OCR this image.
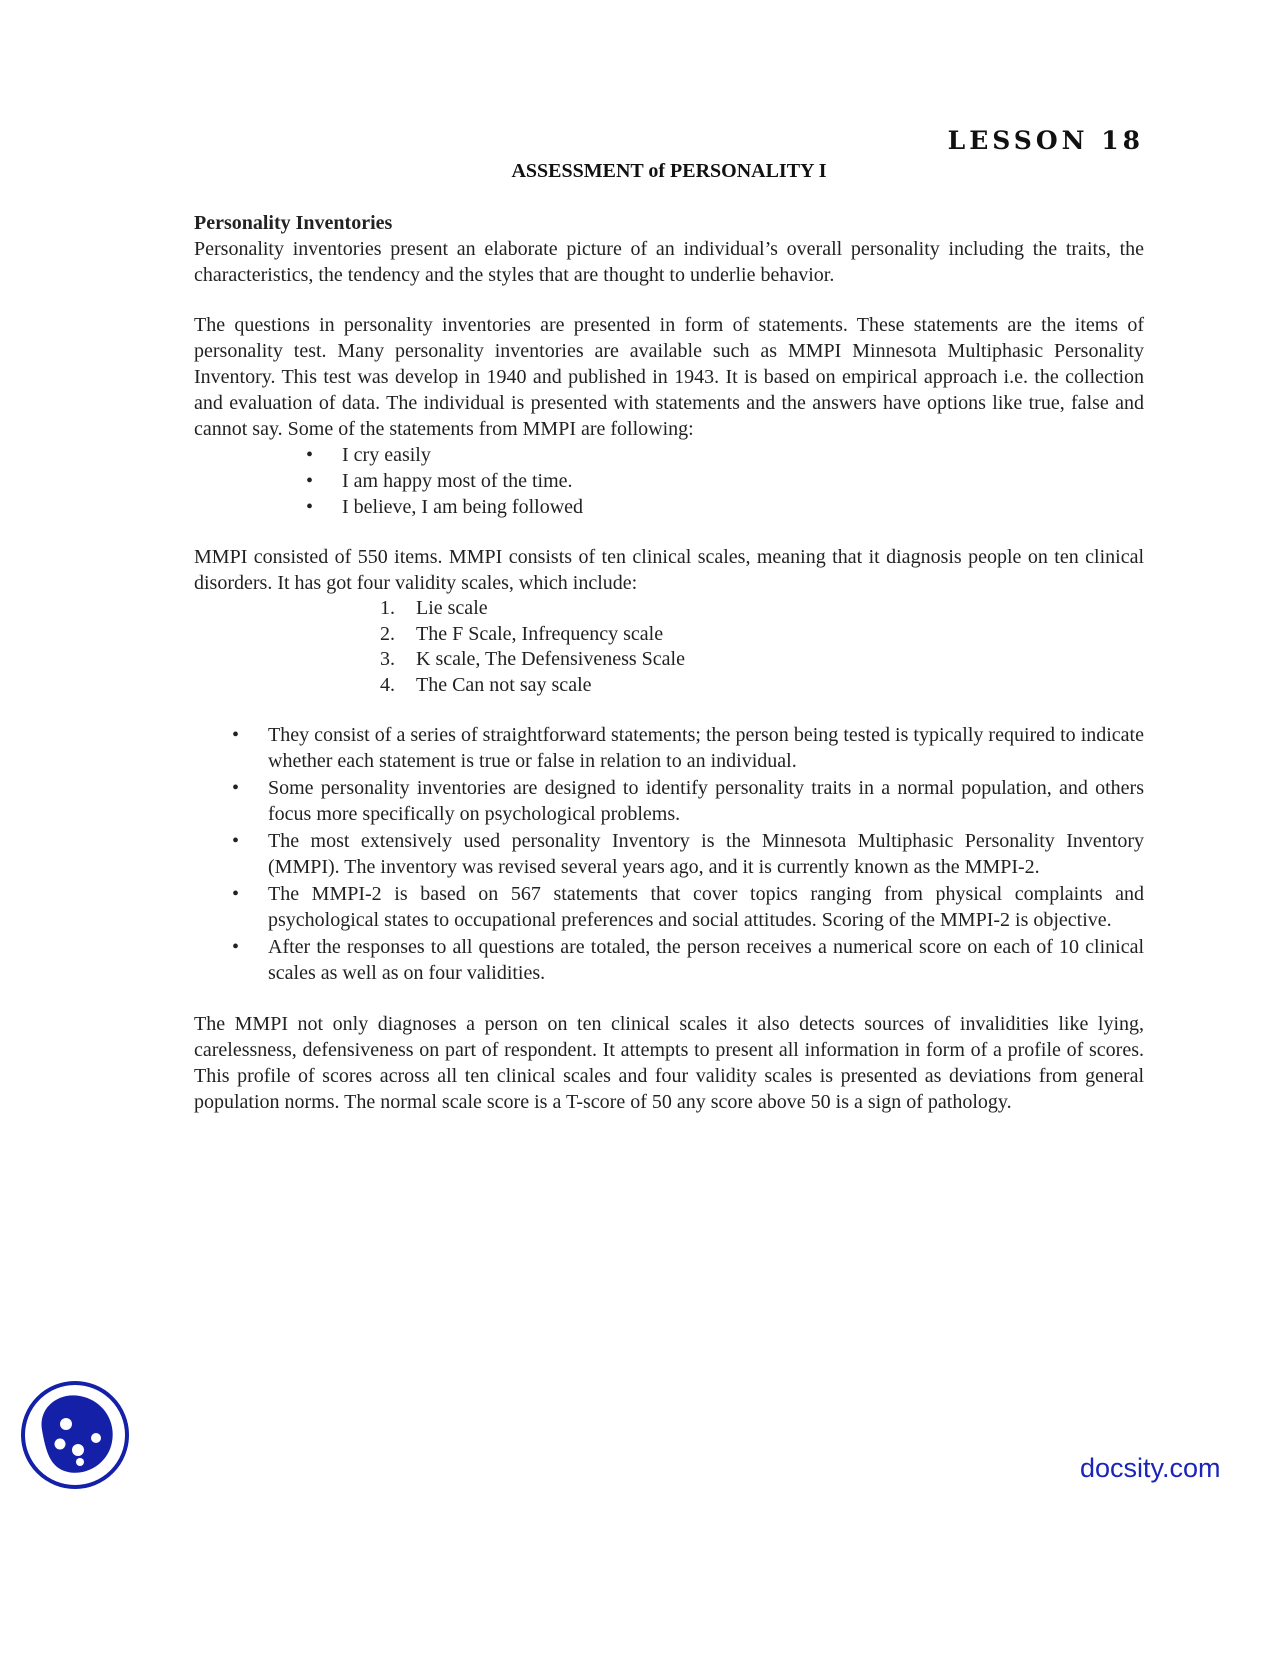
LESSON 18
ASSESSMENT of PERSONALITY I
Personality Inventories

Personality inventories present an elaborate picture of an individual’s overall personality including the traits, the characteristics, the tendency and the styles that are thought to underlie behavior.

The questions in personality inventories are presented in form of statements. These statements are the items of personality test. Many personality inventories are available such as MMPI Minnesota Multiphasic Personality Inventory. This test was develop in 1940 and published in 1943. It is based on empirical approach i.e. the collection and evaluation of data. The individual is presented with statements and the answers have options like true, false and cannot say. Some of the statements from MMPI are following:

• I cry easily
• I am happy most of the time.
• I believe, I am being followed

MMPI consisted of 550 items. MMPI consists of ten clinical scales, meaning that it diagnosis people on ten clinical disorders. It has got four validity scales, which include:

1. Lie scale
2. The F Scale, Infrequency scale
3. K scale, The Defensiveness Scale
4. The Can not say scale
• They consist of a series of straightforward statements; the person being tested is typically required to indicate whether each statement is true or false in relation to an individual.
• Some personality inventories are designed to identify personality traits in a normal population, and others focus more specifically on psychological problems.
• The most extensively used personality Inventory is the Minnesota Multiphasic Personality Inventory (MMPI). The inventory was revised several years ago, and it is currently known as the MMPI-2.
• The MMPI-2 is based on 567 statements that cover topics ranging from physical complaints and psychological states to occupational preferences and social attitudes. Scoring of the MMPI-2 is objective.
• After the responses to all questions are totaled, the person receives a numerical score on each of 10 clinical scales as well as on four validities.

The MMPI not only diagnoses a person on ten clinical scales it also detects sources of invalidities like lying, carelessness, defensiveness on part of respondent. It attempts to present all information in form of a profile of scores. This profile of scores across all ten clinical scales and four validity scales is presented as deviations from general population norms. The normal scale score is a T-score of 50 any score above 50 is a sign of pathology.

docsity.com
